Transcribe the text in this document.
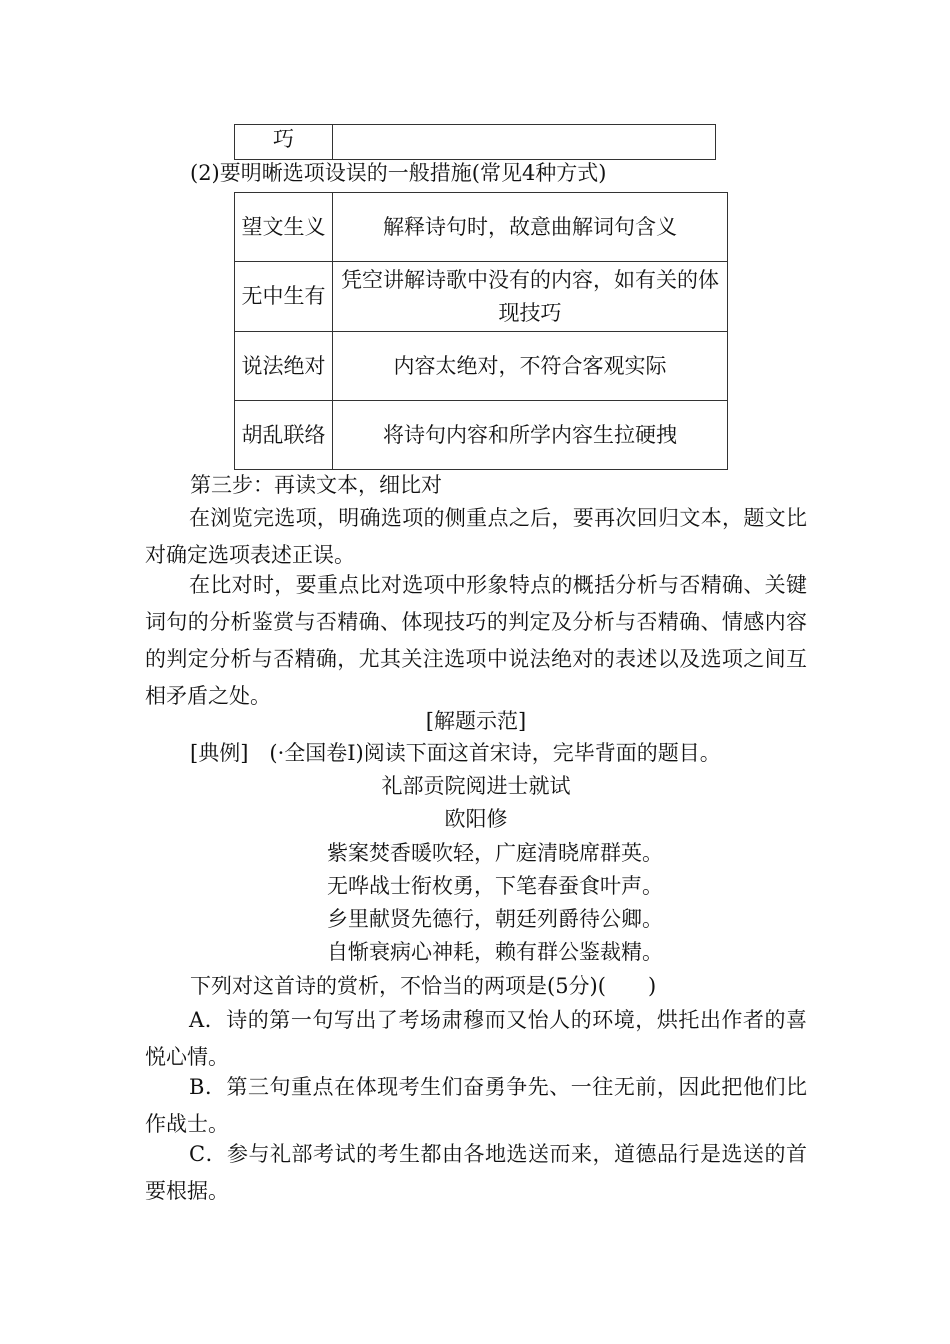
巧	
(2)要明晰选项设误的一般措施(常见4种方式)
望文生义	解释诗句时，故意曲解词句含义
无中生有	凭空讲解诗歌中没有的内容，如有关的体现技巧
说法绝对	内容太绝对，不符合客观实际
胡乱联络	将诗句内容和所学内容生拉硬拽
第三步：再读文本，细比对
在浏览完选项，明确选项的侧重点之后，要再次回归文本，题文比对确定选项表述正误。
在比对时，要重点比对选项中形象特点的概括分析与否精确、关键词句的分析鉴赏与否精确、体现技巧的判定及分析与否精确、情感内容的判定分析与否精确，尤其关注选项中说法绝对的表述以及选项之间互相矛盾之处。
[解题示范]
[典例]　(·全国卷Ⅰ)阅读下面这首宋诗，完毕背面的题目。
礼部贡院阅进士就试
欧阳修
紫案焚香暖吹轻，广庭清晓席群英。
无哗战士衔枚勇，下笔春蚕食叶声。
乡里献贤先德行，朝廷列爵待公卿。
自惭衰病心神耗，赖有群公鉴裁精。
下列对这首诗的赏析，不恰当的两项是(5分)(　　)
A．诗的第一句写出了考场肃穆而又怡人的环境，烘托出作者的喜悦心情。
B．第三句重点在体现考生们奋勇争先、一往无前，因此把他们比作战士。
C．参与礼部考试的考生都由各地选送而来，道德品行是选送的首要根据。
